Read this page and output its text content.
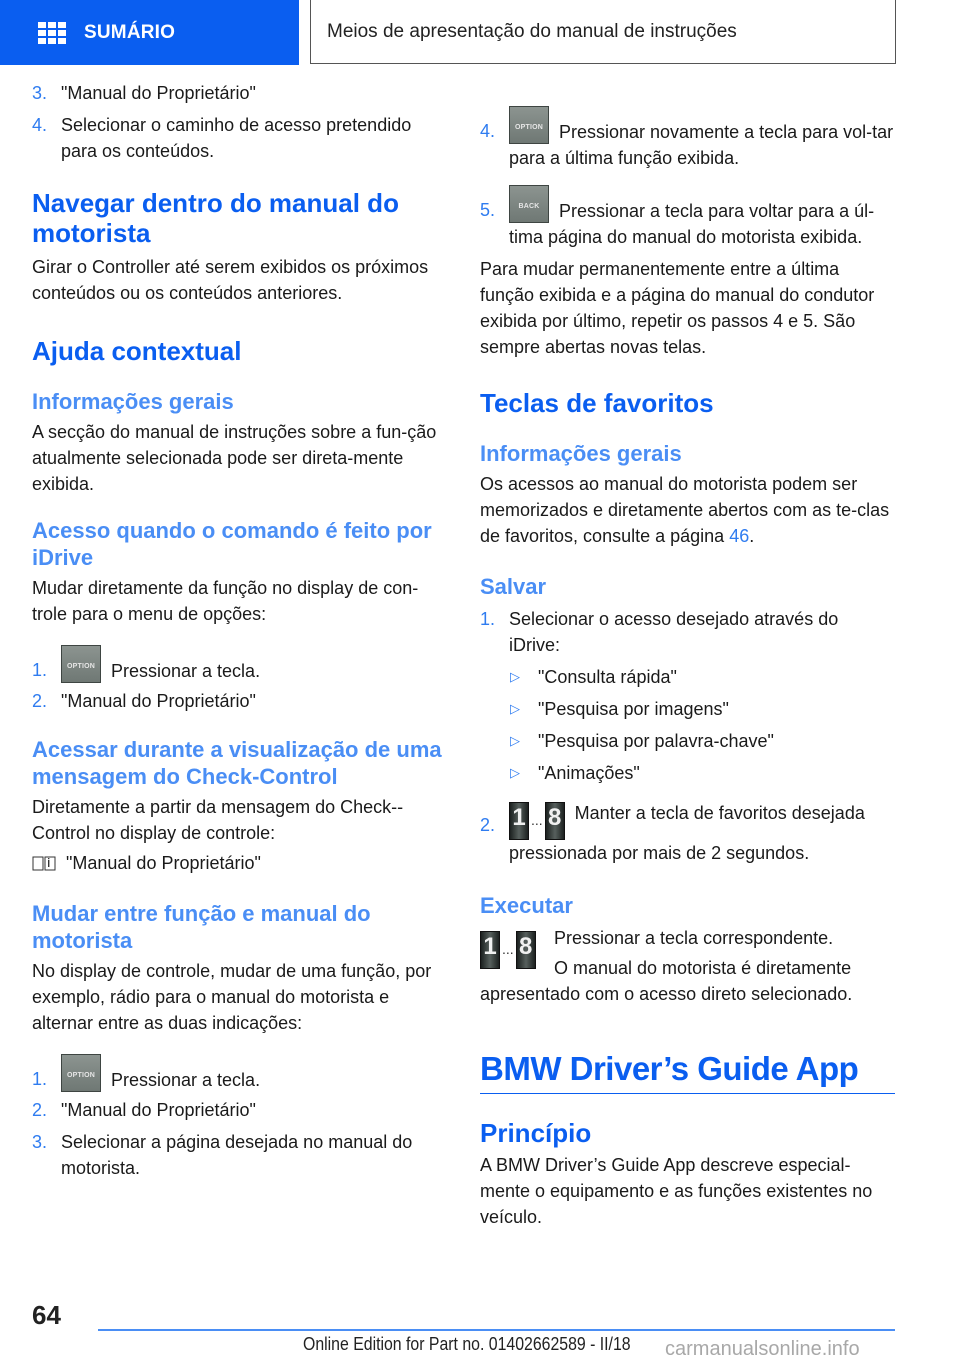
SUMÁRIO	Meios de apresentação do manual de instruções
3. "Manual do Proprietário"
4. Selecionar o caminho de acesso pretendido para os conteúdos.
Navegar dentro do manual do motorista
Girar o Controller até serem exibidos os próximos conteúdos ou os conteúdos anteriores.
Ajuda contextual
Informações gerais
A secção do manual de instruções sobre a fun-ção atualmente selecionada pode ser direta-mente exibida.
Acesso quando o comando é feito por iDrive
Mudar diretamente da função no display de con-trole para o menu de opções:
1.	OPTION Pressionar a tecla.
2. "Manual do Proprietário"
Acessar durante a visualização de uma mensagem do Check-Control
Diretamente a partir da mensagem do Check--Control no display de controle:
"Manual do Proprietário"
Mudar entre função e manual do motorista
No display de controle, mudar de uma função, por exemplo, rádio para o manual do motorista e alternar entre as duas indicações:
1.	OPTION Pressionar a tecla.
2. "Manual do Proprietário"
3. Selecionar a página desejada no manual do motorista.
4.	OPTION Pressionar novamente a tecla para vol-tar para a última função exibida.
5.	BACK	Pressionar a tecla para voltar para a úl-tima página do manual do motorista exibida.
Para mudar permanentemente entre a última função exibida e a página do manual do condutor exibida por último, repetir os passos 4 e 5. São sempre abertas novas telas.
Teclas de favoritos
Informações gerais
Os acessos ao manual do motorista podem ser memorizados e diretamente abertos com as te-clas de favoritos, consulte a página 46.
Salvar
1. Selecionar o acesso desejado através do iDrive:
▷ "Consulta rápida"
▷ "Pesquisa por imagens"
▷ "Pesquisa por palavra-chave"
▷ "Animações"
2. 1 ... 8 Manter a tecla de favoritos desejada pressionada por mais de 2 segundos.
Executar
1 ... 8 Pressionar a tecla correspondente.
O manual do motorista é diretamente
apresentado com o acesso direto selecionado.
BMW Driver’s Guide App
Princípio
A BMW Driver’s Guide App descreve especial-mente o equipamento e as funções existentes no veículo.
64
Online Edition for Part no. 01402662589 - II/18 carmanualsonline.info
